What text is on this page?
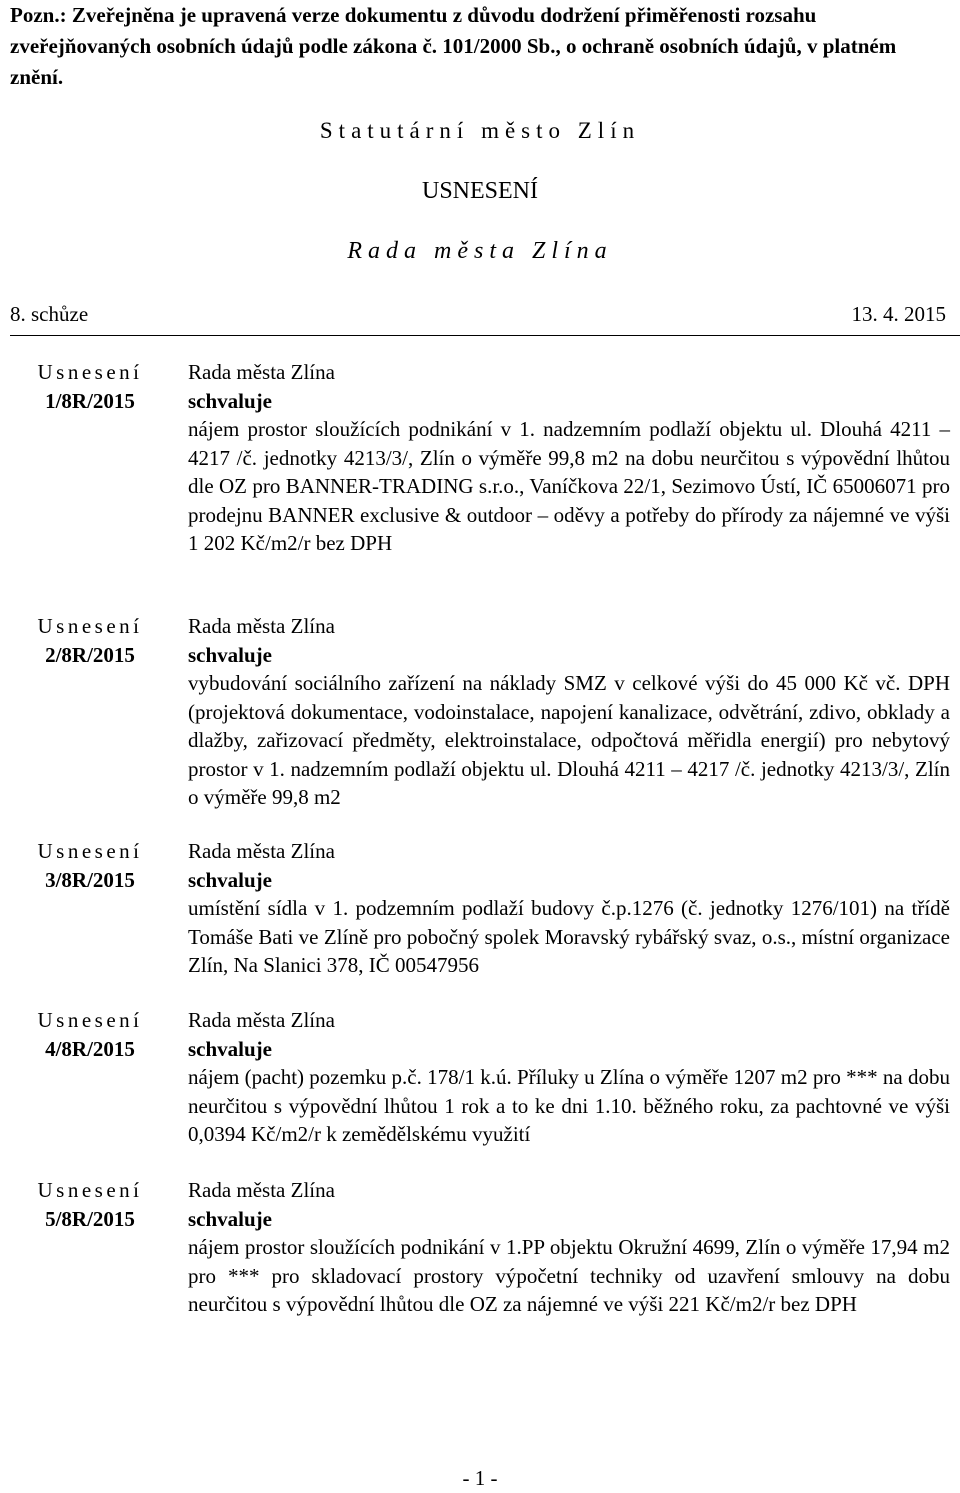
Pozn.: Zveřejněna je upravená verze dokumentu z důvodu dodržení přiměřenosti rozsahu zveřejňovaných osobních údajů podle zákona č. 101/2000 Sb., o ochraně osobních údajů, v platném znění.
Statutární město Zlín
USNESENÍ
Rada města Zlína
8. schůze	13. 4. 2015
Usnesení
1/8R/2015
Rada města Zlína
schvaluje

nájem prostor sloužících podnikání v 1. nadzemním podlaží objektu ul. Dlouhá 4211 – 4217 /č. jednotky 4213/3/, Zlín o výměře 99,8 m2 na dobu neurčitou s výpovědní lhůtou dle OZ pro BANNER-TRADING s.r.o., Vaníčkova 22/1, Sezimovo Ústí, IČ 65006071 pro prodejnu BANNER exclusive & outdoor – oděvy a potřeby do přírody za nájemné ve výši 1 202 Kč/m2/r bez DPH

Usnesení
2/8R/2015
Rada města Zlína
schvaluje

vybudování sociálního zařízení na náklady SMZ v celkové výši do 45 000 Kč vč. DPH (projektová dokumentace, vodoinstalace, napojení kanalizace, odvětrání, zdivo, obklady a dlažby, zařizovací předměty, elektroinstalace, odpočtová měřidla energií) pro nebytový prostor v 1. nadzemním podlaží objektu ul. Dlouhá 4211 – 4217 /č. jednotky 4213/3/, Zlín o výměře 99,8 m2

Usnesení
3/8R/2015
Rada města Zlína
schvaluje

umístění sídla v 1. podzemním podlaží budovy č.p.1276 (č. jednotky 1276/101) na třídě Tomáše Bati ve Zlíně pro pobočný spolek Moravský rybářský svaz, o.s., místní organizace Zlín, Na Slanici 378, IČ 00547956

Usnesení
4/8R/2015
Rada města Zlína
schvaluje

nájem (pacht) pozemku p.č. 178/1 k.ú. Příluky u Zlína o výměře 1207 m2 pro *** na dobu neurčitou s výpovědní lhůtou 1 rok a to ke dni 1.10. běžného roku, za pachtovné ve výši 0,0394 Kč/m2/r k zemědělskému využití

Usnesení
5/8R/2015
Rada města Zlína
schvaluje

nájem prostor sloužících podnikání v 1.PP objektu Okružní 4699, Zlín o výměře 17,94 m2 pro *** pro skladovací prostory výpočetní techniky od uzavření smlouvy na dobu neurčitou s výpovědní lhůtou dle OZ za nájemné ve výši 221 Kč/m2/r bez DPH

- 1 -
